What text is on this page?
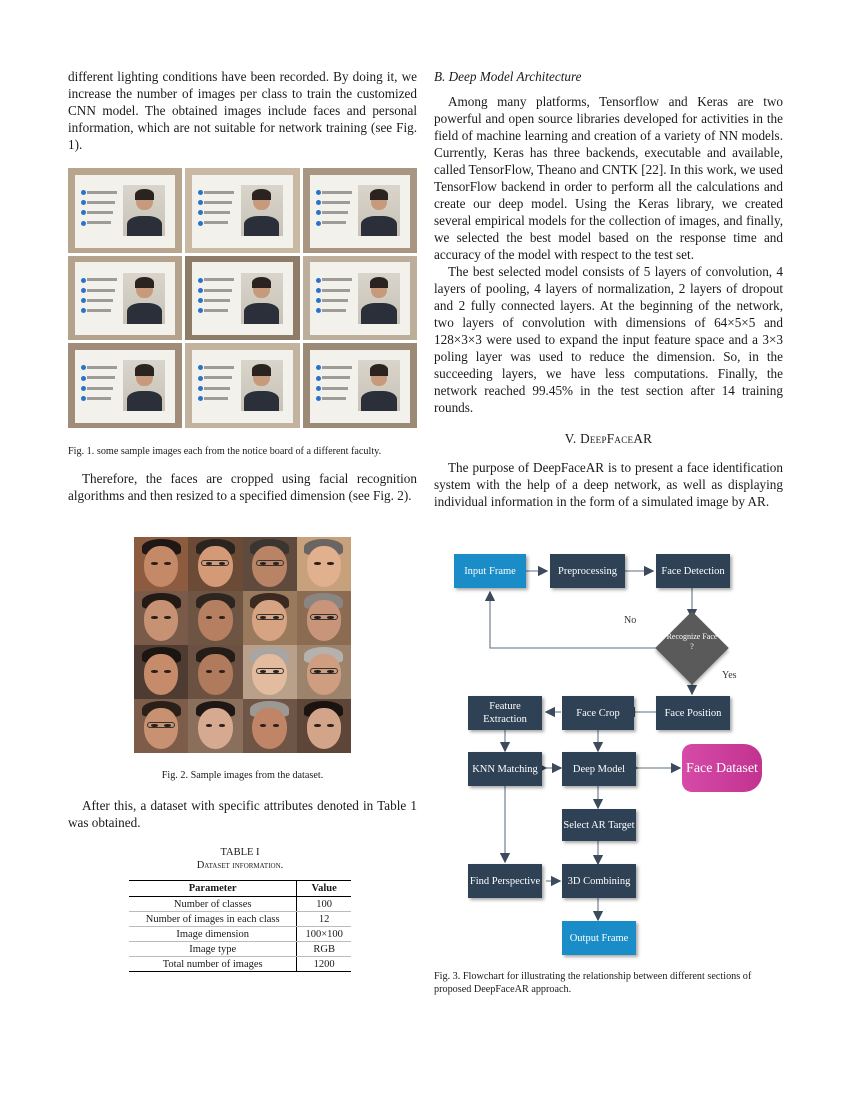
different lighting conditions have been recorded. By doing it, we increase the number of images per class to train the customized CNN model. The obtained images include faces and personal information, which are not suitable for network training (see Fig. 1).

Fig. 1. some sample images each from the notice board of a different faculty.

Therefore, the faces are cropped using facial recognition algorithms and then resized to a specified dimension (see Fig. 2).

Fig. 2. Sample images from the dataset.

After this, a dataset with specific attributes denoted in Table 1 was obtained.

TABLE I
Dataset information.
Parameter	Value
Number of classes	100
Number of images in each class	12
Image dimension	100×100
Image type	RGB
Total number of images	1200
B. Deep Model Architecture

Among many platforms, Tensorflow and Keras are two powerful and open source libraries developed for activities in the field of machine learning and creation of a variety of NN models. Currently, Keras has three backends, executable and available, called TensorFlow, Theano and CNTK [22]. In this work, we used TensorFlow backend in order to perform all the calculations and create our deep model. Using the Keras library, we created several empirical models for the collection of images, and finally, we selected the best model based on the response time and accuracy of the model with respect to the test set.

The best selected model consists of 5 layers of convolution, 4 layers of pooling, 4 layers of normalization, 2 layers of dropout and 2 fully connected layers. At the beginning of the network, two layers of convolution with dimensions of 64×5×5 and 128×3×3 were used to expand the input feature space and a 3×3 poling layer was used to reduce the dimension. So, in the succeeding layers, we have less computations. Finally, the network reached 99.45% in the test section after 14 training rounds.

V. DeepFaceAR

The purpose of DeepFaceAR is to present a face identification system with the help of a deep network, as well as displaying individual information in the form of a simulated image by AR.

Input Frame	Preprocessing	Face Detection
Recognize Face ?
No
Yes
Face Position
Face Crop
Feature Extraction
KNN Matching	Deep Model	Face Dataset
Select AR Target
Find Perspective	3D Combining
Output Frame
Fig. 3. Flowchart for illustrating the relationship between different sections of proposed DeepFaceAR approach.
